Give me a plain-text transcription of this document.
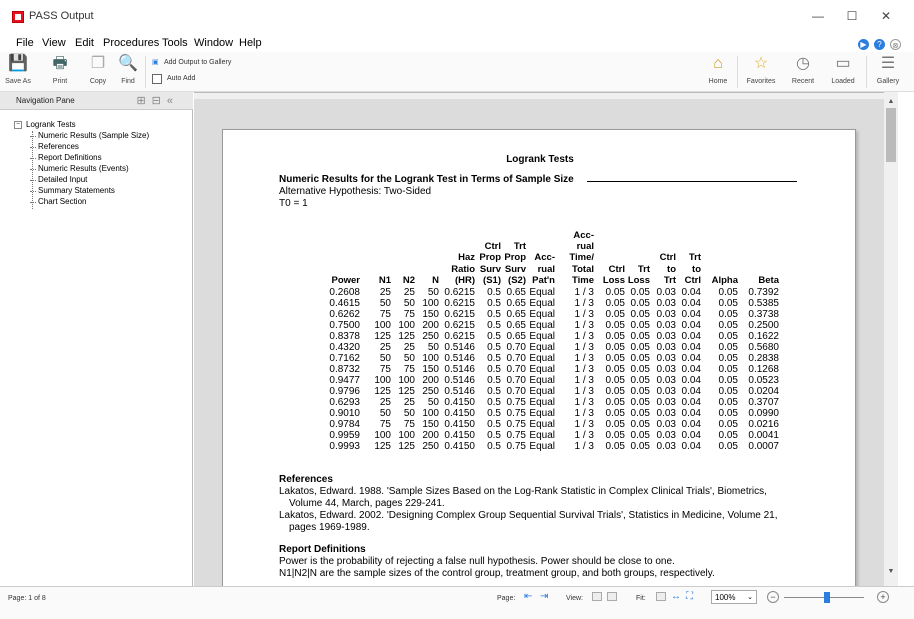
PASS Output	—	☐	✕
File View Edit Procedures Tools Window Help	▶	?	⊗
💾
Save As
🖶
Print
❐
Copy
🔍
Find
▣ Add Output to Gallery
Auto Add
⌂
Home
☆
Favorites
◷
Recent
▭
Loaded
☰
Gallery
Navigation Pane	⊞⊟«
− Logrank Tests
Numeric Results (Sample Size)
References
Report Definitions
Numeric Results (Events)
Detailed Input
Summary Statements
Chart Section
Logrank Tests
Numeric Results for the Logrank Test in Terms of Sample Size
Alternative Hypothesis: Two-Sided
T0 = 1
Power N1 N2 N
Haz
Ratio
(HR)
Ctrl
Prop
Surv
(S1)
Trt
Prop
Surv
(S2)
Acc-
rual
Pat'n
Acc-
rual
Time/
Total
Time
Ctrl
Loss
Trt
Loss
Ctrl
to
Trt
Trt
to
Ctrl Alpha Beta
0.2608 25 25 50 0.6215 0.5 0.65 Equal 1 / 3 0.05 0.05 0.03 0.04 0.05 0.7392
0.4615 50 50 100 0.6215 0.5 0.65 Equal 1 / 3 0.05 0.05 0.03 0.04 0.05 0.5385
0.6262 75 75 150 0.6215 0.5 0.65 Equal 1 / 3 0.05 0.05 0.03 0.04 0.05 0.3738
0.7500 100 100 200 0.6215 0.5 0.65 Equal 1 / 3 0.05 0.05 0.03 0.04 0.05 0.2500
0.8378 125 125 250 0.6215 0.5 0.65 Equal 1 / 3 0.05 0.05 0.03 0.04 0.05 0.1622
0.4320 25 25 50 0.5146 0.5 0.70 Equal 1 / 3 0.05 0.05 0.03 0.04 0.05 0.5680
0.7162 50 50 100 0.5146 0.5 0.70 Equal 1 / 3 0.05 0.05 0.03 0.04 0.05 0.2838
0.8732 75 75 150 0.5146 0.5 0.70 Equal 1 / 3 0.05 0.05 0.03 0.04 0.05 0.1268
0.9477 100 100 200 0.5146 0.5 0.70 Equal 1 / 3 0.05 0.05 0.03 0.04 0.05 0.0523
0.9796 125 125 250 0.5146 0.5 0.70 Equal 1 / 3 0.05 0.05 0.03 0.04 0.05 0.0204
0.6293 25 25 50 0.4150 0.5 0.75 Equal 1 / 3 0.05 0.05 0.03 0.04 0.05 0.3707
0.9010 50 50 100 0.4150 0.5 0.75 Equal 1 / 3 0.05 0.05 0.03 0.04 0.05 0.0990
0.9784 75 75 150 0.4150 0.5 0.75 Equal 1 / 3 0.05 0.05 0.03 0.04 0.05 0.0216
0.9959 100 100 200 0.4150 0.5 0.75 Equal 1 / 3 0.05 0.05 0.03 0.04 0.05 0.0041
0.9993 125 125 250 0.4150 0.5 0.75 Equal 1 / 3 0.05 0.05 0.03 0.04 0.05 0.0007
References
Lakatos, Edward. 1988. 'Sample Sizes Based on the Log-Rank Statistic in Complex Clinical Trials', Biometrics,
Volume 44, March, pages 229-241.
Lakatos, Edward. 2002. 'Designing Complex Group Sequential Survival Trials', Statistics in Medicine, Volume 21,
pages 1969-1989.
Report Definitions
Power is the probability of rejecting a false null hypothesis. Power should be close to one.
N1|N2|N are the sample sizes of the control group, treatment group, and both groups, respectively.
▲
▼
Page: 1 of 8	Page: ⇤ ⇥	View:	Fit:	↔ ⛶	100% ⌄	−	+
